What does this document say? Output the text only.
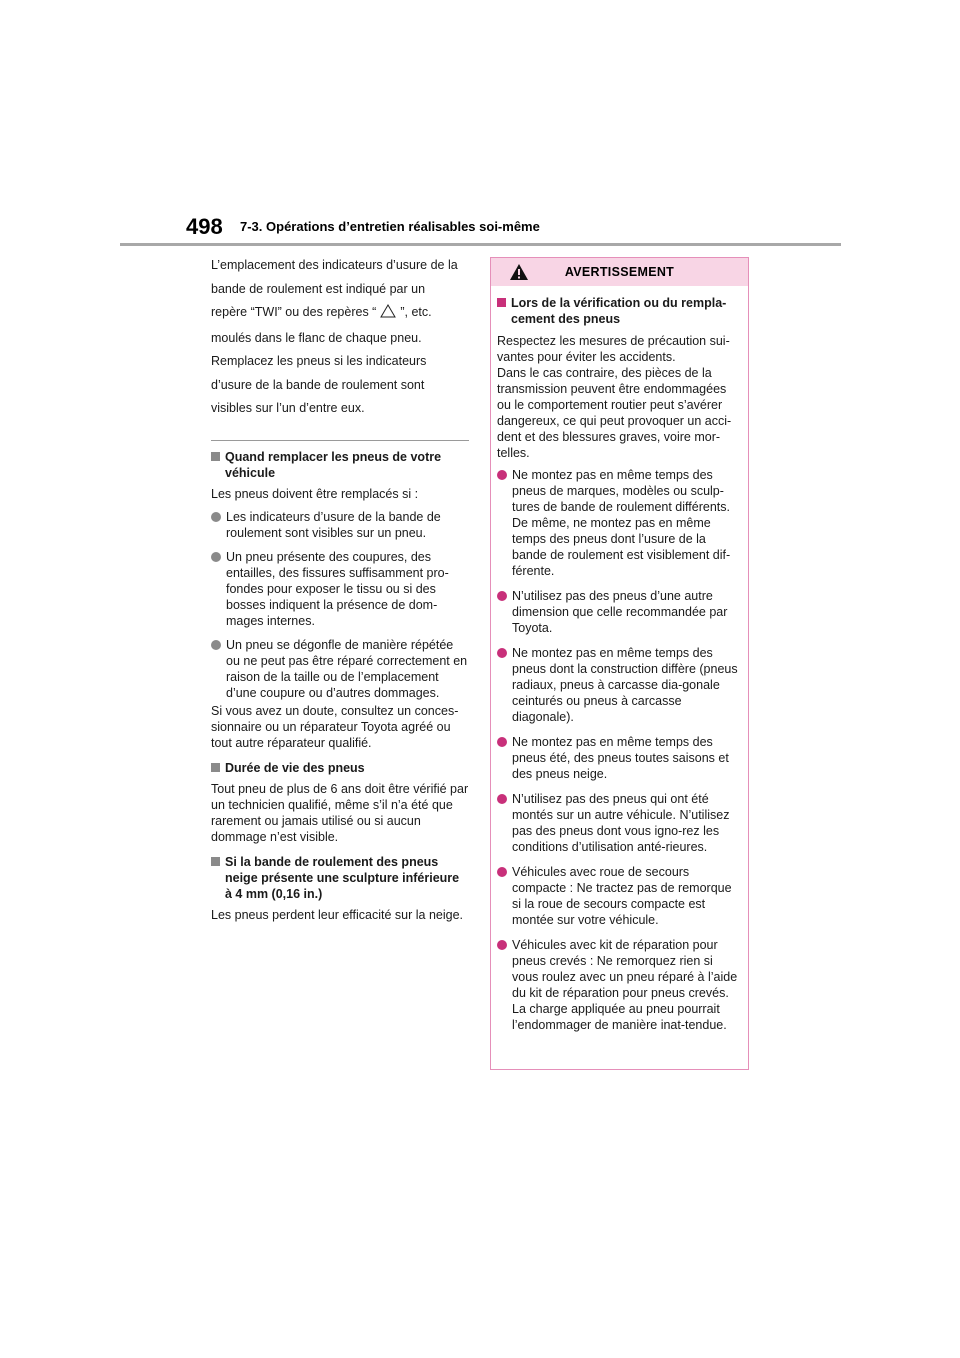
498 7-3. Opérations d’entretien réalisables soi-même

L’emplacement des indicateurs d’usure de la

bande de roulement est indiqué par un

repère “TWI” ou des repères “ ”, etc.

moulés dans le flanc de chaque pneu.

Remplacez les pneus si les indicateurs

d’usure de la bande de roulement sont

visibles sur l’un d’entre eux.

Quand remplacer les pneus de votre véhicule
Les pneus doivent être remplacés si :
Les indicateurs d’usure de la bande de roulement sont visibles sur un pneu.
Un pneu présente des coupures, des entailles, des fissures suffisamment pro-fondes pour exposer le tissu ou si des bosses indiquent la présence de dom-mages internes.
Un pneu se dégonfle de manière répétée ou ne peut pas être réparé correctement en raison de la taille ou de l’emplacement d’une coupure ou d’autres dommages.
Si vous avez un doute, consultez un conces-sionnaire ou un réparateur Toyota agréé ou tout autre réparateur qualifié.
Durée de vie des pneus
Tout pneu de plus de 6 ans doit être vérifié par un technicien qualifié, même s’il n’a été que rarement ou jamais utilisé ou si aucun dommage n’est visible.
Si la bande de roulement des pneus neige présente une sculpture inférieure à 4 mm (0,16 in.)
Les pneus perdent leur efficacité sur la neige.
AVERTISSEMENT
Lors de la vérification ou du rempla-cement des pneus
Respectez les mesures de précaution sui-vantes pour éviter les accidents.
Dans le cas contraire, des pièces de la transmission peuvent être endommagées ou le comportement routier peut s’avérer dangereux, ce qui peut provoquer un acci-dent et des blessures graves, voire mor-telles.
Ne montez pas en même temps des pneus de marques, modèles ou sculp-tures de bande de roulement différents. De même, ne montez pas en même temps des pneus dont l’usure de la bande de roulement est visiblement dif-férente.
N’utilisez pas des pneus d’une autre dimension que celle recommandée par Toyota.
Ne montez pas en même temps des pneus dont la construction diffère (pneus radiaux, pneus à carcasse dia-gonale ceinturés ou pneus à carcasse diagonale).
Ne montez pas en même temps des pneus été, des pneus toutes saisons et des pneus neige.
N’utilisez pas des pneus qui ont été montés sur un autre véhicule. N’utilisez pas des pneus dont vous igno-rez les conditions d’utilisation anté-rieures.
Véhicules avec roue de secours compacte : Ne tractez pas de remorque si la roue de secours compacte est montée sur votre véhicule.
Véhicules avec kit de réparation pour pneus crevés : Ne remorquez rien si vous roulez avec un pneu réparé à l’aide du kit de réparation pour pneus crevés. La charge appliquée au pneu pourrait l’endommager de manière inat-tendue.
